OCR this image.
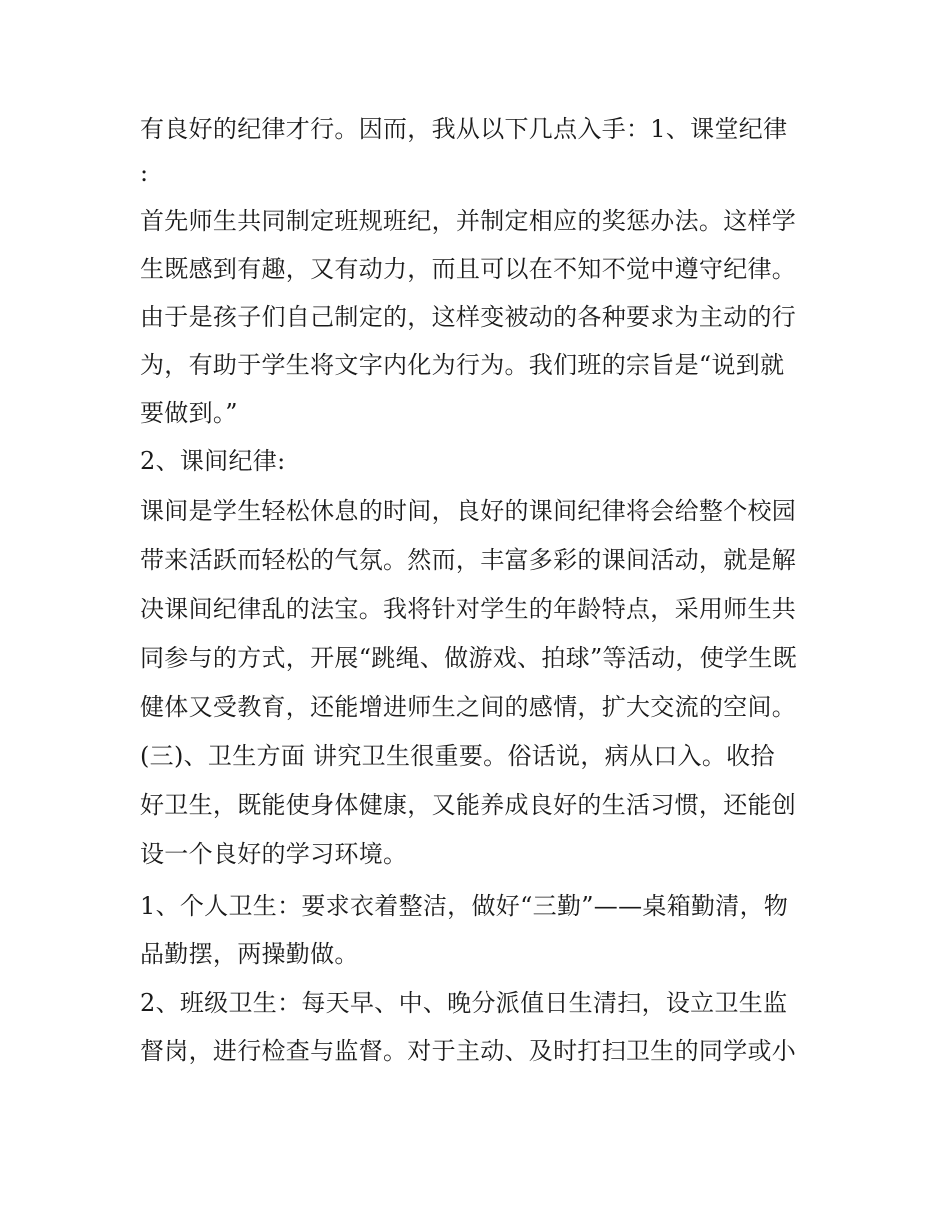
有良好的纪律才行。因而，我从以下几点入手：1、课堂纪律
:
首先师生共同制定班规班纪，并制定相应的奖惩办法。这样学
生既感到有趣，又有动力，而且可以在不知不觉中遵守纪律。
由于是孩子们自己制定的，这样变被动的各种要求为主动的行
为，有助于学生将文字内化为行为。我们班的宗旨是“说到就
要做到。”
2、课间纪律:
课间是学生轻松休息的时间，良好的课间纪律将会给整个校园
带来活跃而轻松的气氛。然而，丰富多彩的课间活动，就是解
决课间纪律乱的法宝。我将针对学生的年龄特点，采用师生共
同参与的方式，开展“跳绳、做游戏、拍球”等活动，使学生既
健体又受教育，还能增进师生之间的感情，扩大交流的空间。
(三)、卫生方面 讲究卫生很重要。俗话说，病从口入。收拾
好卫生，既能使身体健康，又能养成良好的生活习惯，还能创
设一个良好的学习环境。
1、个人卫生：要求衣着整洁，做好“三勤”——桌箱勤清，物
品勤摆，两操勤做。
2、班级卫生：每天早、中、晚分派值日生清扫，设立卫生监
督岗，进行检查与监督。对于主动、及时打扫卫生的同学或小
